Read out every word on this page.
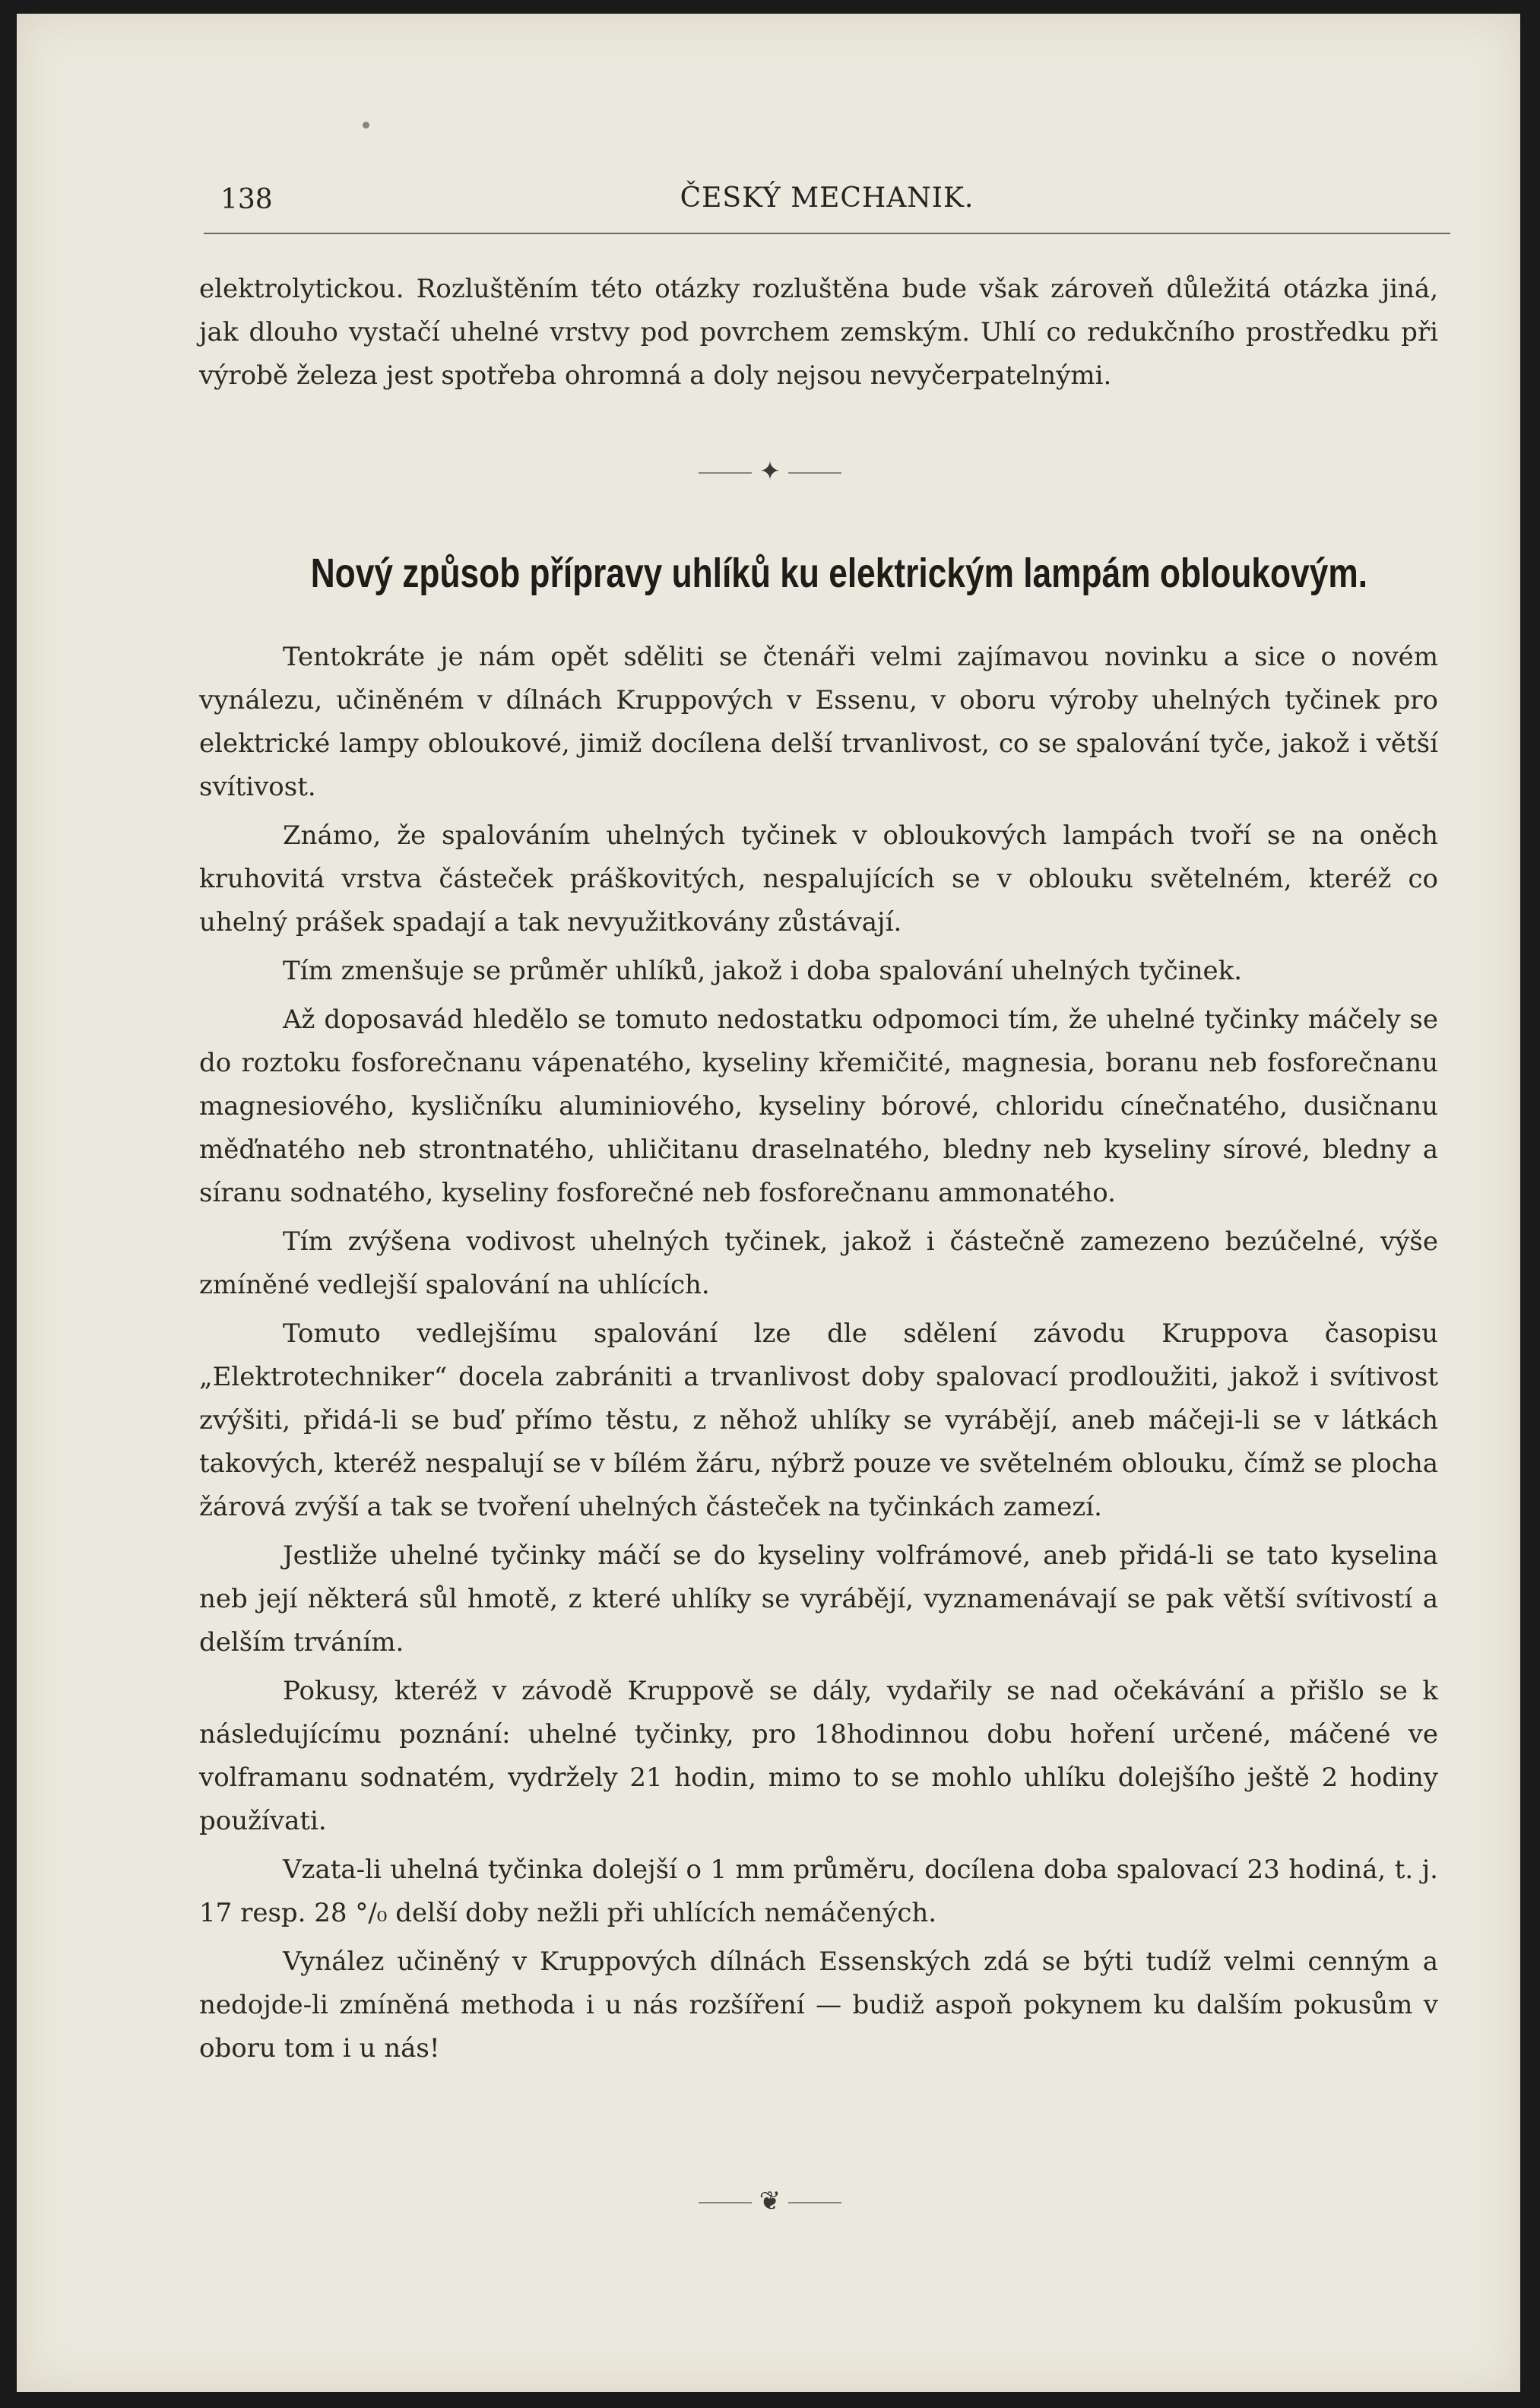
138	ČESKÝ MECHANIK.

elektrolytickou. Rozluštěním této otázky rozluštěna bude však zároveň důležitá otázka jiná, jak dlouho vystačí uhelné vrstvy pod povrchem zemským. Uhlí co redukčního prostředku při výrobě železa jest spotřeba ohromná a doly nejsou nevyčerpatelnými.

✦
Nový způsob přípravy uhlíků ku elektrickým lampám obloukovým.

Tentokráte je nám opět sděliti se čtenáři velmi zajímavou novinku a sice o novém vynálezu, učiněném v dílnách Kruppových v Essenu, v oboru výroby uhelných tyčinek pro elektrické lampy obloukové, jimiž docílena delší trvanlivost, co se spalování tyče, jakož i větší svítivost.

Známo, že spalováním uhelných tyčinek v obloukových lampách tvoří se na oněch kruhovitá vrstva částeček práškovitých, nespalujících se v oblouku světelném, kteréž co uhelný prášek spadají a tak nevyužitkovány zůstávají.

Tím zmenšuje se průměr uhlíků, jakož i doba spalování uhelných tyčinek.

Až doposavád hledělo se tomuto nedostatku odpomoci tím, že uhelné tyčinky máčely se do roztoku fosforečnanu vápenatého, kyseliny křemičité, magnesia, boranu neb fosforečnanu magnesiového, kysličníku aluminiového, kyseliny bórové, chloridu cínečnatého, dusičnanu měďnatého neb strontnatého, uhličitanu draselnatého, bledny neb kyseliny sírové, bledny a síranu sodnatého, kyseliny fosforečné neb fosforečnanu ammonatého.

Tím zvýšena vodivost uhelných tyčinek, jakož i částečně zamezeno bezúčelné, výše zmíněné vedlejší spalování na uhlících.

Tomuto vedlejšímu spalování lze dle sdělení závodu Kruppova časopisu „Elektrotechniker“ docela zabrániti a trvanlivost doby spalovací prodloužiti, jakož i svítivost zvýšiti, přidá-li se buď přímo těstu, z něhož uhlíky se vyrábějí, aneb máčeji-li se v látkách takových, kteréž nespalují se v bílém žáru, nýbrž pouze ve světelném oblouku, čímž se plocha žárová zvýší a tak se tvoření uhelných částeček na tyčinkách zamezí.

Jestliže uhelné tyčinky máčí se do kyseliny volfrámové, aneb přidá-li se tato kyselina neb její některá sůl hmotě, z které uhlíky se vyrábějí, vyznamenávají se pak větší svítivostí a delším trváním.

Pokusy, kteréž v závodě Kruppově se dály, vydařily se nad očekávání a přišlo se k následujícímu poznání: uhelné tyčinky, pro 18hodinnou dobu hoření určené, máčené ve volframanu sodnatém, vydržely 21 hodin, mimo to se mohlo uhlíku dolejšího ještě 2 hodiny používati.

Vzata-li uhelná tyčinka dolejší o 1 mm průměru, docílena doba spalovací 23 hodiná, t. j. 17 resp. 28 °/₀ delší doby nežli při uhlících nemáčených.

Vynález učiněný v Kruppových dílnách Essenských zdá se býti tudíž velmi cenným a nedojde-li zmíněná methoda i u nás rozšíření — budiž aspoň pokynem ku dalším pokusům v oboru tom i u nás!

❦
